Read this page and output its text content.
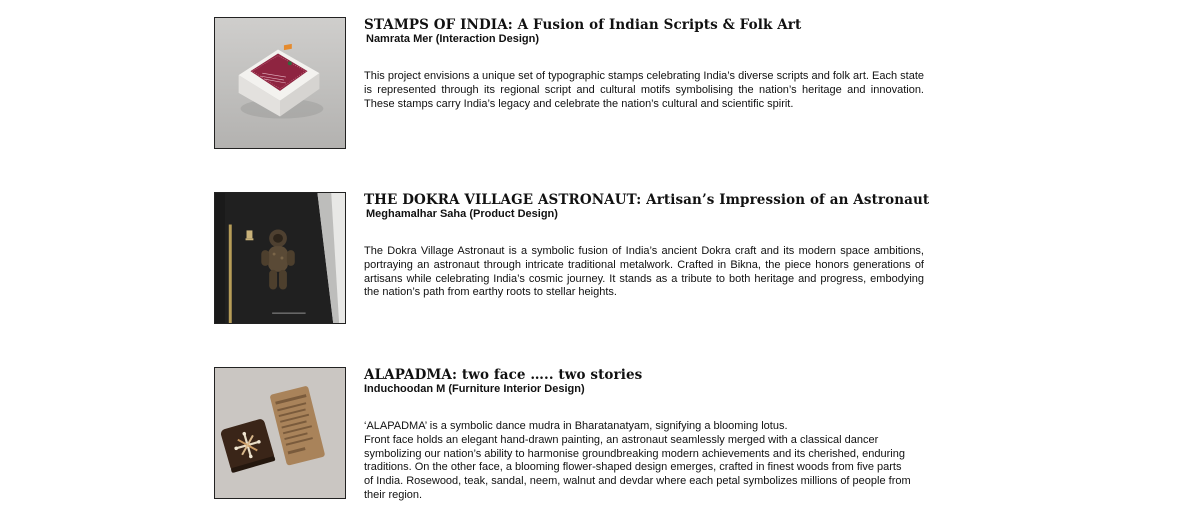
STAMPS OF INDIA: A Fusion of Indian Scripts & Folk Art
Namrata Mer (Interaction Design)

This project envisions a unique set of typographic stamps celebrating India’s diverse scripts and folk art. Each state is represented through its regional script and cultural motifs symbolising the nation’s heritage and innovation. These stamps carry India’s legacy and celebrate the nation’s cultural and scientific spirit.

THE DOKRA VILLAGE ASTRONAUT: Artisan’s Impression of an Astronaut
Meghamalhar Saha (Product Design)

The Dokra Village Astronaut is a symbolic fusion of India’s ancient Dokra craft and its modern space ambitions, portraying an astronaut through intricate traditional metalwork. Crafted in Bikna, the piece honors generations of artisans while celebrating India’s cosmic journey. It stands as a tribute to both heritage and progress, embodying the nation’s path from earthy roots to stellar heights.

ALAPADMA: two face ….. two stories
Induchoodan M (Furniture Interior Design)

‘ALAPADMA’ is a symbolic dance mudra in Bharatanatyam, signifying a blooming lotus.

Front face holds an elegant hand-drawn painting, an astronaut seamlessly merged with a classical dancer symbolizing our nation’s ability to harmonise groundbreaking modern achievements and its cherished, enduring traditions. On the other face, a blooming flower-shaped design emerges, crafted in finest woods from five parts of India. Rosewood, teak, sandal, neem, walnut and devdar where each petal symbolizes millions of people from their region.
